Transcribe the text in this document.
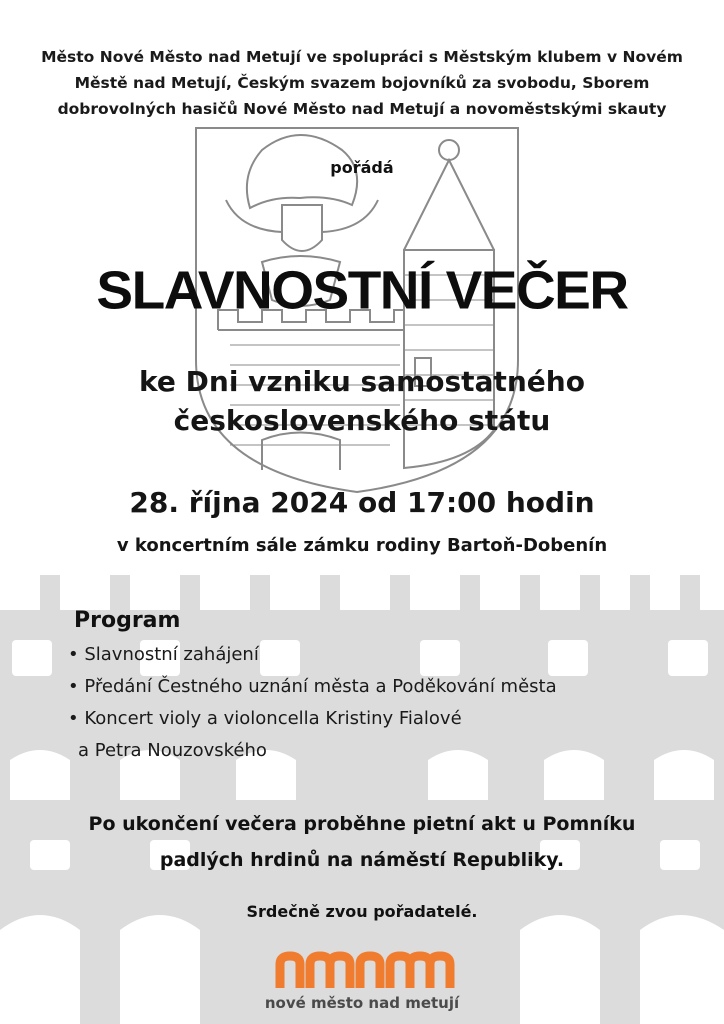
Město Nové Město nad Metují ve spolupráci s Městským klubem v Novém
Městě nad Metují, Českým svazem bojovníků za svobodu, Sborem
dobrovolných hasičů Nové Město nad Metují a novoměstskými skauty
pořádá
SLAVNOSTNÍ VEČER
ke Dni vzniku samostatného
československého státu
28. října 2024 od 17:00 hodin
v koncertním sále zámku rodiny Bartoň-Dobenín
Program
• Slavnostní zahájení
• Předání Čestného uznání města a Poděkování města
• Koncert violy a violoncella Kristiny Fialové
a Petra Nouzovského
Po ukončení večera proběhne pietní akt u Pomníku
padlých hrdinů na náměstí Republiky.
Srdečně zvou pořadatelé.
nové město nad metují
